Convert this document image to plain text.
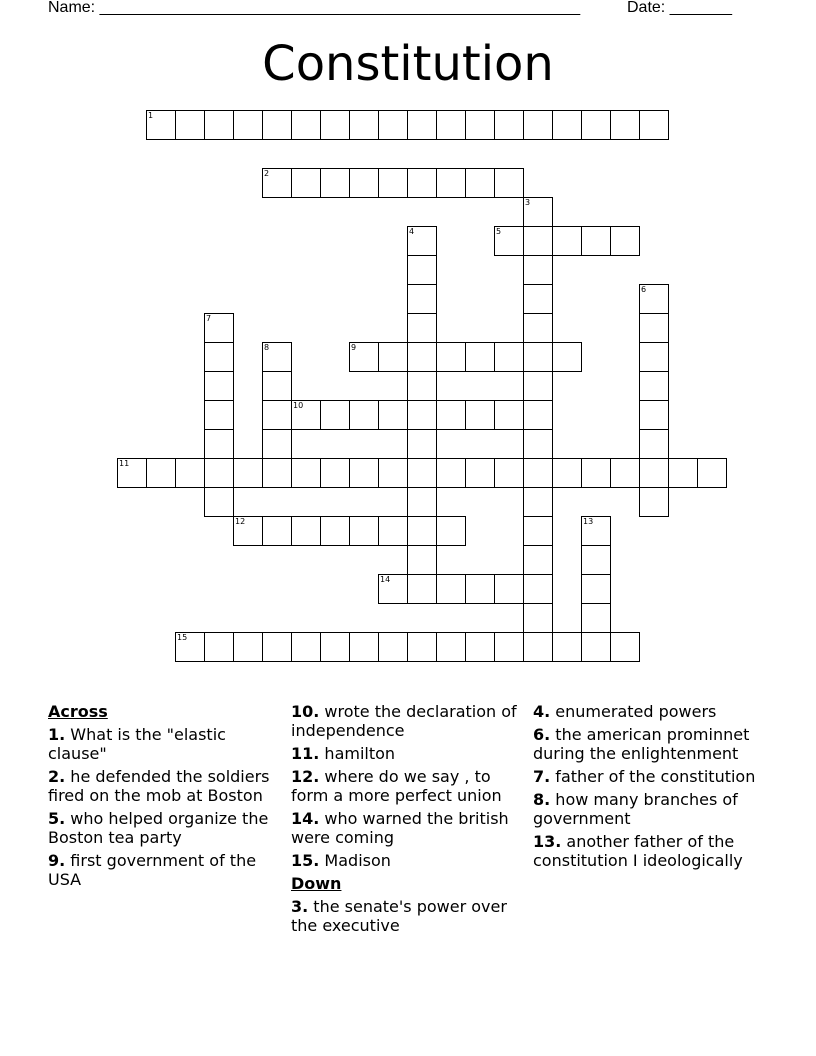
Name: ______________________________________________________	Date: _______
Constitution
1
2
3
4	5
6
7
8	9
10
11
12	13
14
15
Across
1. What is the "elastic clause"
2. he defended the soldiers fired on the mob at Boston
5. who helped organize the Boston tea party
9. first government of the USA
10. wrote the declaration of independence
11. hamilton
12. where do we say , to form a more perfect union
14. who warned the british were coming
15. Madison
Down
3. the senate's power over the executive
4. enumerated powers
6. the american prominnet during the enlightenment
7. father of the constitution
8. how many branches of government
13. another father of the constitution I ideologically
